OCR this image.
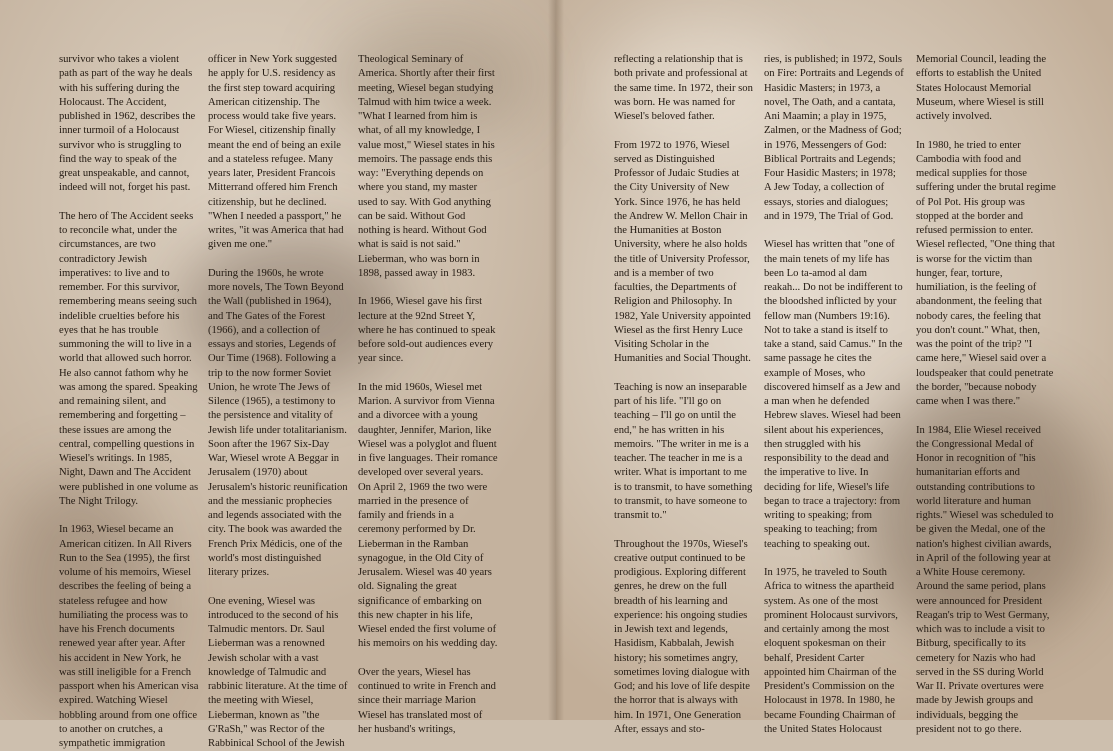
survivor who takes a violent path as part of the way he deals with his suffering during the Holocaust. The Accident, published in 1962, describes the inner turmoil of a Holocaust survivor who is struggling to find the way to speak of the great unspeakable, and cannot, indeed will not, forget his past.

The hero of The Accident seeks to reconcile what, under the circumstances, are two contradictory Jewish imperatives: to live and to remember. For this survivor, remembering means seeing such indelible cruelties before his eyes that he has trouble summoning the will to live in a world that allowed such horror. He also cannot fathom why he was among the spared. Speaking and remaining silent, and remembering and forgetting – these issues are among the central, compelling questions in Wiesel's writings. In 1985, Night, Dawn and The Accident were published in one volume as The Night Trilogy.

In 1963, Wiesel became an American citizen. In All Rivers Run to the Sea (1995), the first volume of his memoirs, Wiesel describes the feeling of being a stateless refugee and how humiliating the process was to have his French documents renewed year after year. After his accident in New York, he was still ineligible for a French passport when his American visa expired. Watching Wiesel hobbling around from one office to another on crutches, a sympathetic immigration

officer in New York suggested he apply for U.S. residency as the first step toward acquiring American citizenship. The process would take five years. For Wiesel, citizenship finally meant the end of being an exile and a stateless refugee. Many years later, President Francois Mitterrand offered him French citizenship, but he declined. "When I needed a passport," he writes, "it was America that had given me one."

During the 1960s, he wrote more novels, The Town Beyond the Wall (published in 1964), and The Gates of the Forest (1966), and a collection of essays and stories, Legends of Our Time (1968). Following a trip to the now former Soviet Union, he wrote The Jews of Silence (1965), a testimony to the persistence and vitality of Jewish life under totalitarianism. Soon after the 1967 Six-Day War, Wiesel wrote A Beggar in Jerusalem (1970) about Jerusalem's historic reunification and the messianic prophecies and legends associated with the city. The book was awarded the French Prix Médicis, one of the world's most distinguished literary prizes.

One evening, Wiesel was introduced to the second of his Talmudic mentors. Dr. Saul Lieberman was a renowned Jewish scholar with a vast knowledge of Talmudic and rabbinic literature. At the time of the meeting with Wiesel, Lieberman, known as "the G'RaSh," was Rector of the Rabbinical School of the Jewish

Theological Seminary of America. Shortly after their first meeting, Wiesel began studying Talmud with him twice a week. "What I learned from him is what, of all my knowledge, I value most," Wiesel states in his memoirs. The passage ends this way: "Everything depends on where you stand, my master used to say. With God anything can be said. Without God nothing is heard. Without God what is said is not said." Lieberman, who was born in 1898, passed away in 1983.

In 1966, Wiesel gave his first lecture at the 92nd Street Y, where he has continued to speak before sold-out audiences every year since.

In the mid 1960s, Wiesel met Marion. A survivor from Vienna and a divorcee with a young daughter, Jennifer, Marion, like Wiesel was a polyglot and fluent in five languages. Their romance developed over several years. On April 2, 1969 the two were married in the presence of family and friends in a ceremony performed by Dr. Lieberman in the Ramban synagogue, in the Old City of Jerusalem. Wiesel was 40 years old. Signaling the great significance of embarking on this new chapter in his life, Wiesel ended the first volume of his memoirs on his wedding day.

Over the years, Wiesel has continued to write in French and since their marriage Marion Wiesel has translated most of her husband's writings,

reflecting a relationship that is both private and professional at the same time. In 1972, their son was born. He was named for Wiesel's beloved father.

From 1972 to 1976, Wiesel served as Distinguished Professor of Judaic Studies at the City University of New York. Since 1976, he has held the Andrew W. Mellon Chair in the Humanities at Boston University, where he also holds the title of University Professor, and is a member of two faculties, the Departments of Religion and Philosophy. In 1982, Yale University appointed Wiesel as the first Henry Luce Visiting Scholar in the Humanities and Social Thought.

Teaching is now an inseparable part of his life. "I'll go on teaching – I'll go on until the end," he has written in his memoirs. "The writer in me is a teacher. The teacher in me is a writer. What is important to me is to transmit, to have something to transmit, to have someone to transmit to."

Throughout the 1970s, Wiesel's creative output continued to be prodigious. Exploring different genres, he drew on the full breadth of his learning and experience: his ongoing studies in Jewish text and legends, Hasidism, Kabbalah, Jewish history; his sometimes angry, sometimes loving dialogue with God; and his love of life despite the horror that is always with him. In 1971, One Generation After, essays and sto-

ries, is published; in 1972, Souls on Fire: Portraits and Legends of Hasidic Masters; in 1973, a novel, The Oath, and a cantata, Ani Maamin; a play in 1975, Zalmen, or the Madness of God; in 1976, Messengers of God: Biblical Portraits and Legends; Four Hasidic Masters; in 1978; A Jew Today, a collection of essays, stories and dialogues; and in 1979, The Trial of God.

Wiesel has written that "one of the main tenets of my life has been Lo ta-amod al dam reakah... Do not be indifferent to the bloodshed inflicted by your fellow man (Numbers 19:16). Not to take a stand is itself to take a stand, said Camus." In the same passage he cites the example of Moses, who discovered himself as a Jew and a man when he defended Hebrew slaves. Wiesel had been silent about his experiences, then struggled with his responsibility to the dead and the imperative to live. In deciding for life, Wiesel's life began to trace a trajectory: from writing to speaking; from speaking to teaching; from teaching to speaking out.

In 1975, he traveled to South Africa to witness the apartheid system. As one of the most prominent Holocaust survivors, and certainly among the most eloquent spokesman on their behalf, President Carter appointed him Chairman of the President's Commission on the Holocaust in 1978. In 1980, he became Founding Chairman of the United States Holocaust

Memorial Council, leading the efforts to establish the United States Holocaust Memorial Museum, where Wiesel is still actively involved.

In 1980, he tried to enter Cambodia with food and medical supplies for those suffering under the brutal regime of Pol Pot. His group was stopped at the border and refused permission to enter. Wiesel reflected, "One thing that is worse for the victim than hunger, fear, torture, humiliation, is the feeling of abandonment, the feeling that nobody cares, the feeling that you don't count." What, then, was the point of the trip? "I came here," Wiesel said over a loudspeaker that could penetrate the border, "because nobody came when I was there."

In 1984, Elie Wiesel received the Congressional Medal of Honor in recognition of "his humanitarian efforts and outstanding contributions to world literature and human rights." Wiesel was scheduled to be given the Medal, one of the nation's highest civilian awards, in April of the following year at a White House ceremony. Around the same period, plans were announced for President Reagan's trip to West Germany, which was to include a visit to Bitburg, specifically to its cemetery for Nazis who had served in the SS during World War II. Private overtures were made by Jewish groups and individuals, begging the president not to go there.
